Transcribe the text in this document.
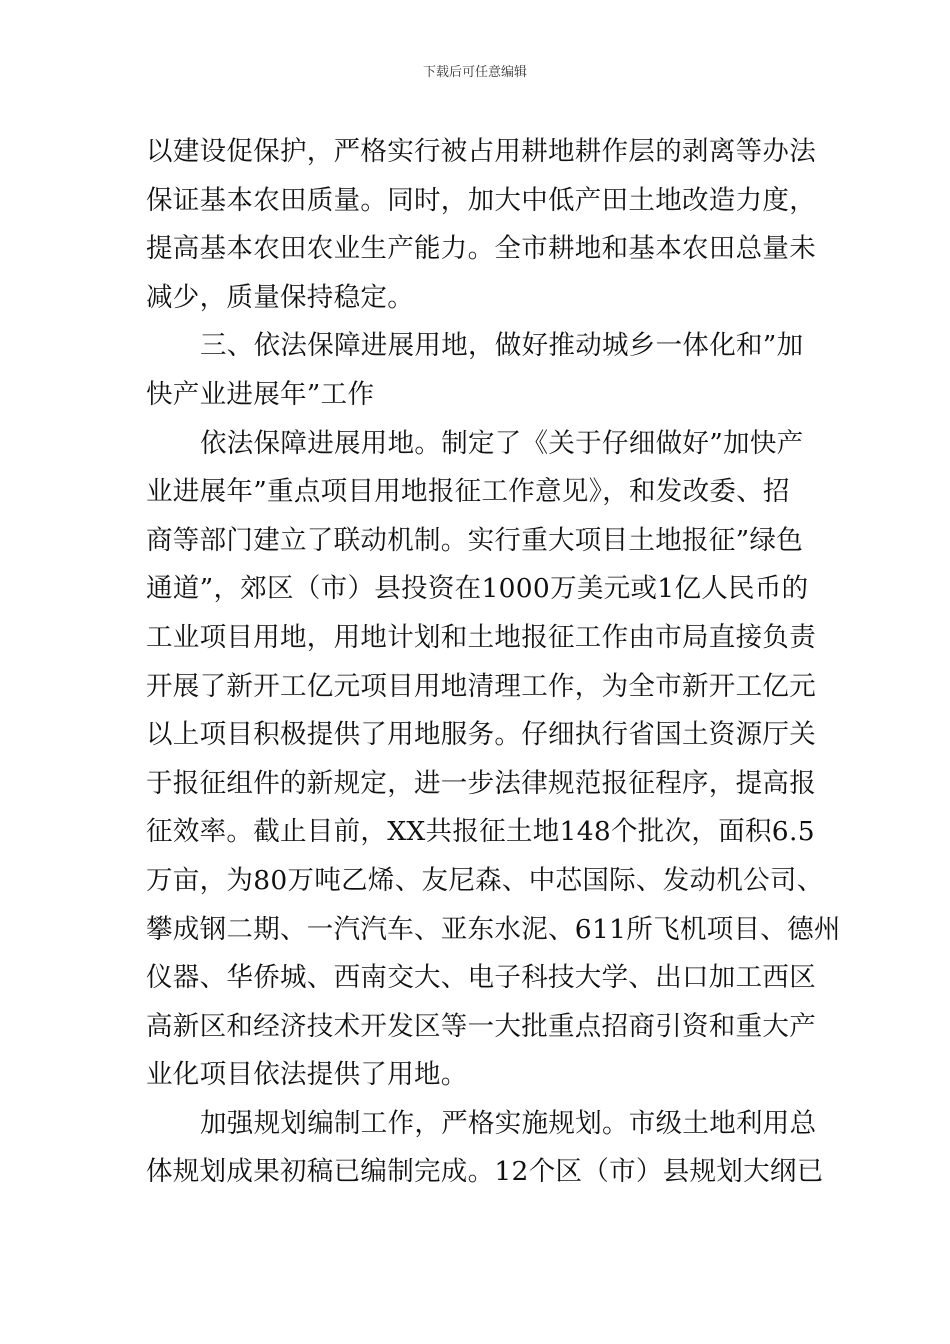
下载后可任意编辑
以建设促保护，严格实行被占用耕地耕作层的剥离等办法
保证基本农田质量。同时，加大中低产田土地改造力度，
提高基本农田农业生产能力。全市耕地和基本农田总量未
减少，质量保持稳定。
三、依法保障进展用地，做好推动城乡一体化和”加
快产业进展年”工作
依法保障进展用地。制定了《关于仔细做好”加快产
业进展年”重点项目用地报征工作意见》，和发改委、招
商等部门建立了联动机制。实行重大项目土地报征”绿色
通道”，郊区（市）县投资在1000万美元或1亿人民币的
工业项目用地，用地计划和土地报征工作由市局直接负责
开展了新开工亿元项目用地清理工作，为全市新开工亿元
以上项目积极提供了用地服务。仔细执行省国土资源厅关
于报征组件的新规定，进一步法律规范报征程序，提高报
征效率。截止目前，XX共报征土地148个批次，面积6.5
万亩，为80万吨乙烯、友尼森、中芯国际、发动机公司、
攀成钢二期、一汽汽车、亚东水泥、611所飞机项目、德州
仪器、华侨城、西南交大、电子科技大学、出口加工西区
高新区和经济技术开发区等一大批重点招商引资和重大产
业化项目依法提供了用地。
加强规划编制工作，严格实施规划。市级土地利用总
体规划成果初稿已编制完成。12个区（市）县规划大纲已
